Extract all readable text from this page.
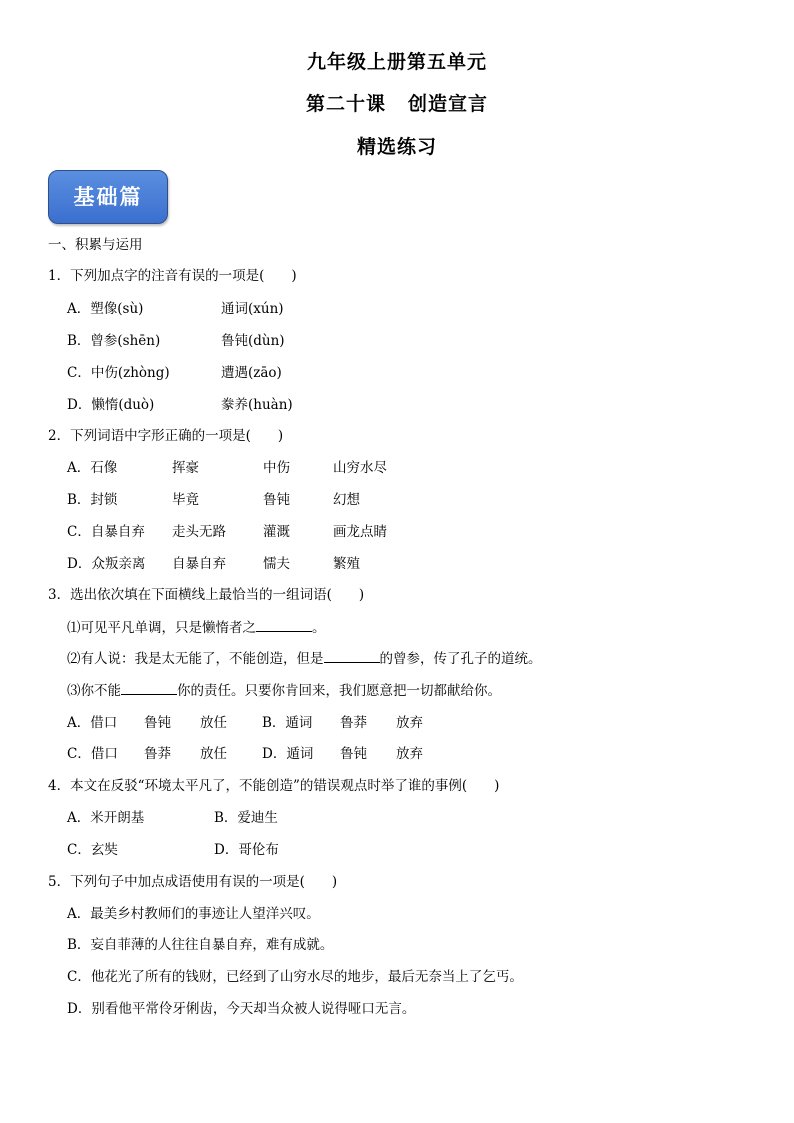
九年级上册第五单元
第二十课 创造宣言
精选练习
基础篇
一、积累与运用
1．下列加点字的注音有误的一项是(　　)
A．塑像(sù)	通词(xún)
B．曾参(shēn)	鲁钝(dùn)
C．中伤(zhòng)	遭遇(zāo)
D．懒惰(duò)	豢养(huàn)
2．下列词语中字形正确的一项是(　　)
A．石像	挥豪	中伤	山穷水尽
B．封锁	毕竟	鲁钝	幻想
C．自暴自弃 走头无路	灌溉	画龙点睛
D．众叛亲离 自暴自弃	懦夫	繁殖
3．选出依次填在下面横线上最恰当的一组词语(　　)
⑴可见平凡单调，只是懒惰者之	。
⑵有人说：我是太无能了，不能创造，但是	的曾参，传了孔子的道统。
⑶你不能	你的责任。只要你肯回来，我们愿意把一切都献给你。
A．借口 鲁钝 放任	B．遁词 鲁莽 放弃
C．借口 鲁莽 放任	D．遁词 鲁钝 放弃
4．本文在反驳“环境太平凡了，不能创造”的错误观点时举了谁的事例(　　)
A．米开朗基	B．爱迪生
C．玄奘	D．哥伦布
5．下列句子中加点成语使用有误的一项是(　　)
A．最美乡村教师们的事迹让人望洋兴叹。
B．妄自菲薄的人往往自暴自弃，难有成就。
C．他花光了所有的钱财，已经到了山穷水尽的地步，最后无奈当上了乞丐。
D．别看他平常伶牙俐齿，今天却当众被人说得哑口无言。
